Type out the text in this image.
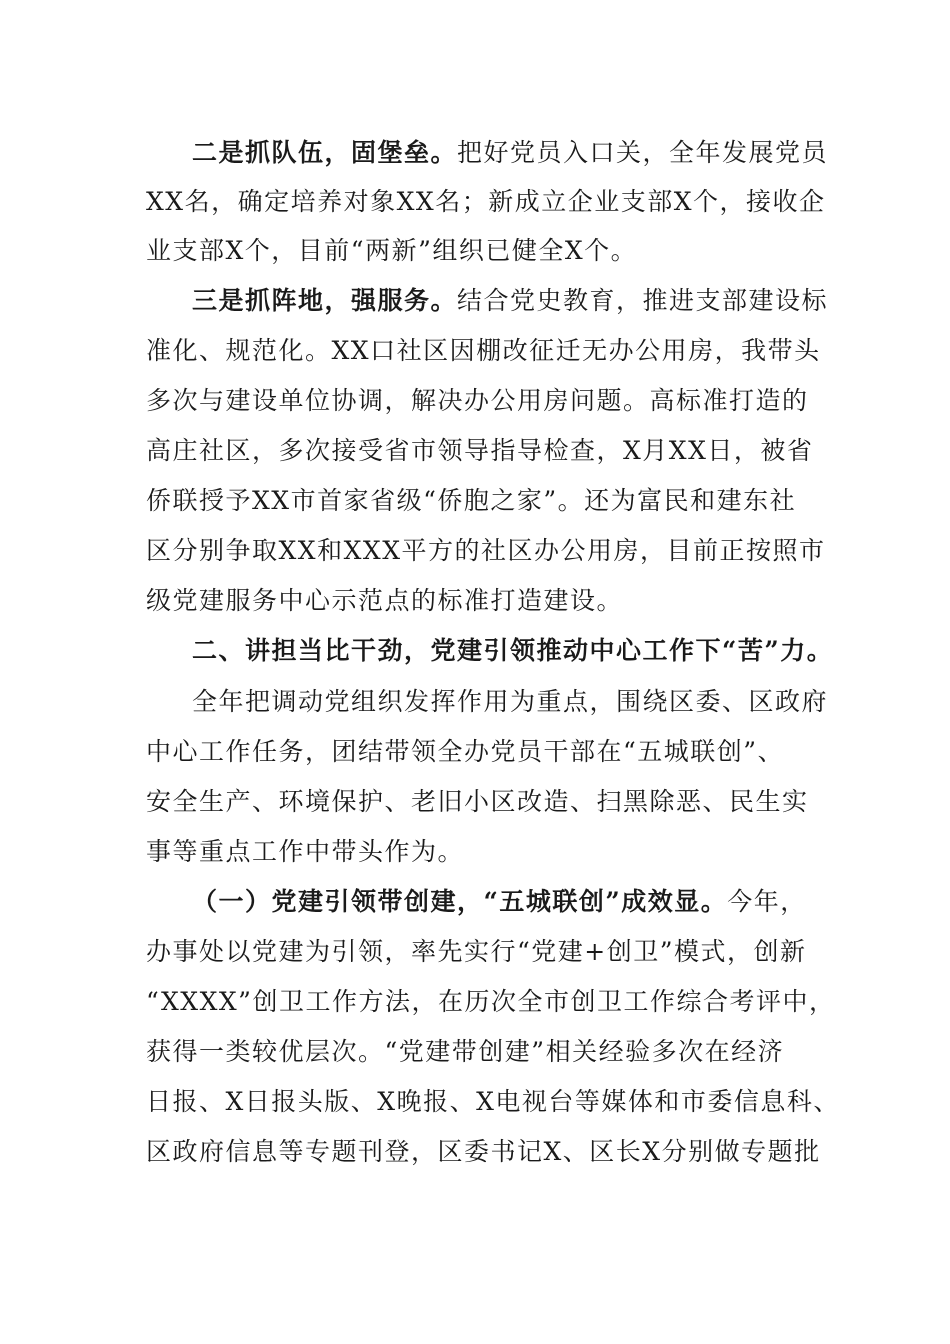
二是抓队伍，固堡垒。把好党员入口关，全年发展党员
XX名，确定培养对象XX名；新成立企业支部X个，接收企
业支部X个，目前“两新”组织已健全X个。
三是抓阵地，强服务。结合党史教育，推进支部建设标
准化、规范化。XX口社区因棚改征迁无办公用房，我带头
多次与建设单位协调，解决办公用房问题。高标准打造的
高庄社区，多次接受省市领导指导检查，X月XX日，被省
侨联授予XX市首家省级“侨胞之家”。还为富民和建东社
区分别争取XX和XXX平方的社区办公用房，目前正按照市
级党建服务中心示范点的标准打造建设。
二、讲担当比干劲，党建引领推动中心工作下“苦”力。
全年把调动党组织发挥作用为重点，围绕区委、区政府
中心工作任务，团结带领全办党员干部在“五城联创”、
安全生产、环境保护、老旧小区改造、扫黑除恶、民生实
事等重点工作中带头作为。
（一）党建引领带创建，“五城联创”成效显。今年，
办事处以党建为引领，率先实行“党建+创卫”模式，创新
“XXXX”创卫工作方法，在历次全市创卫工作综合考评中，
获得一类较优层次。“党建带创建”相关经验多次在经济
日报、X日报头版、X晚报、X电视台等媒体和市委信息科、
区政府信息等专题刊登，区委书记X、区长X分别做专题批
